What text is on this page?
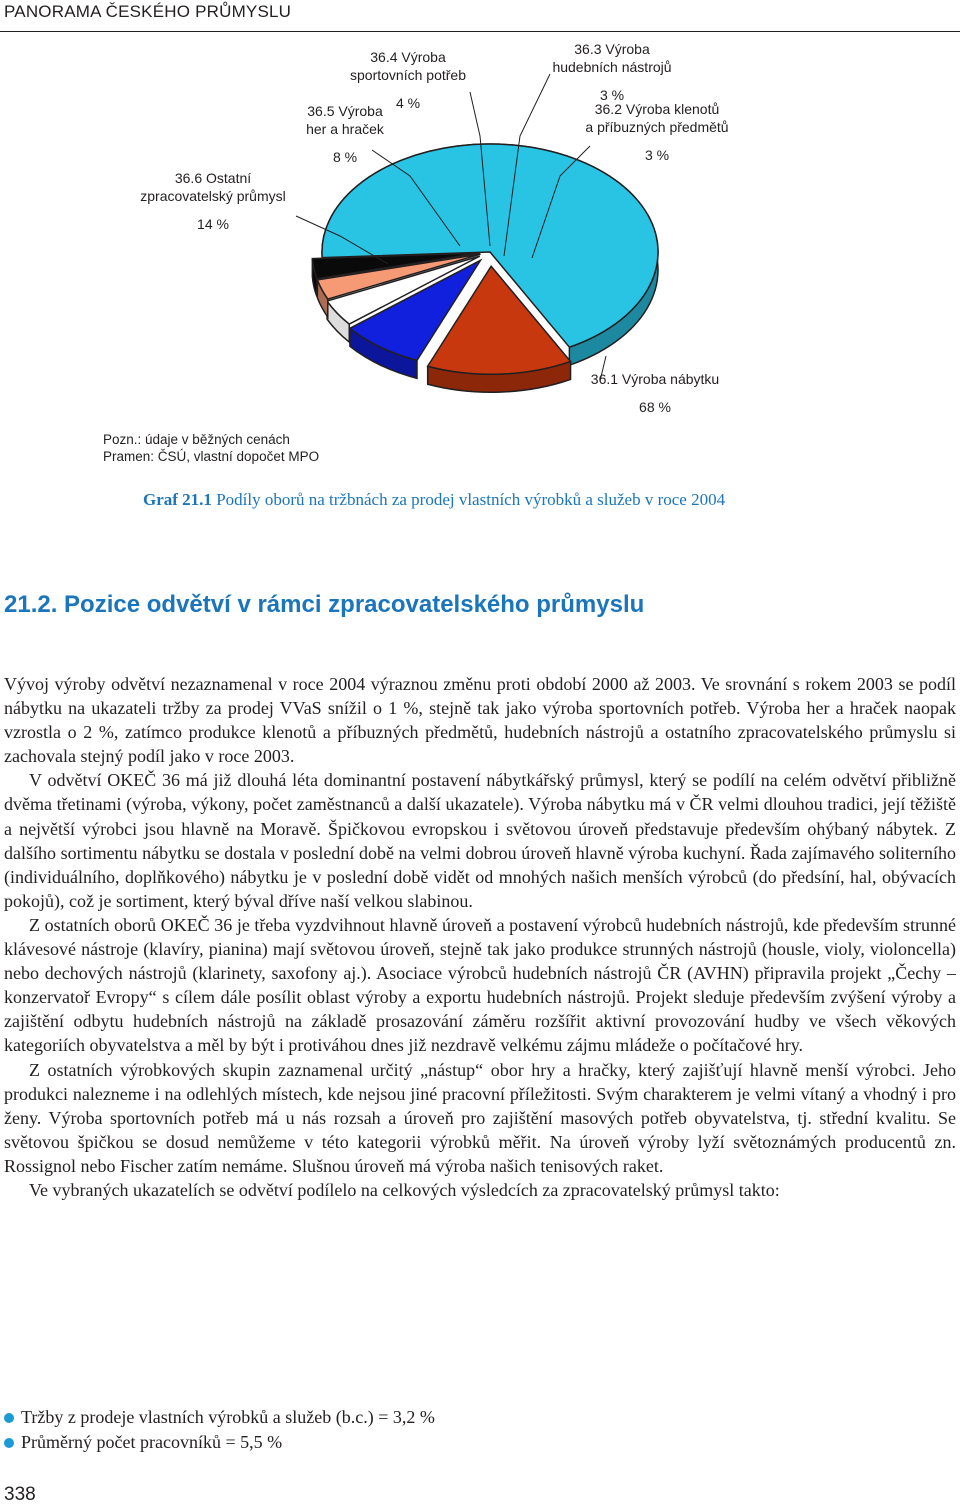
PANORAMA ČESKÉHO PRŮMYSLU
36.1 Výroba nábytku
68 %
36.6 Ostatní
zpracovatelský průmysl
14 %
36.5 Výroba
her a hraček
8 %
36.4 Výroba
sportovních potřeb
4 %
36.3 Výroba
hudebních nástrojů
3 %
36.2 Výroba klenotů
a příbuzných předmětů
3 %
Pozn.: údaje v běžných cenách
Pramen: ČSÚ, vlastní dopočet MPO
Graf 21.1 Podíly oborů na tržbnách za prodej vlastních výrobků a služeb v roce 2004
21.2. Pozice odvětví v rámci zpracovatelského průmyslu

Vývoj výroby odvětví nezaznamenal v roce 2004 výraznou změnu proti období 2000 až 2003. Ve srovnání s rokem 2003 se podíl nábytku na ukazateli tržby za prodej VVaS snížil o 1 %, stejně tak jako výroba sportovních potřeb. Výroba her a hraček naopak vzrostla o 2 %, zatímco produkce klenotů a příbuzných předmětů, hudebních nástrojů a ostatního zpracovatelského průmyslu si zachovala stejný podíl jako v roce 2003.

V odvětví OKEČ 36 má již dlouhá léta dominantní postavení nábytkářský průmysl, který se podílí na celém odvětví přibližně dvěma třetinami (výroba, výkony, počet zaměstnanců a další ukazatele). Výroba nábytku má v ČR velmi dlouhou tradici, její těžiště a největší výrobci jsou hlavně na Moravě. Špičkovou evropskou i světovou úroveň představuje především ohýbaný nábytek. Z dalšího sortimentu nábytku se dostala v poslední době na velmi dobrou úroveň hlavně výroba kuchyní. Řada zajímavého soliterního (individuálního, doplňkového) nábytku je v poslední době vidět od mnohých našich menších výrobců (do předsíní, hal, obývacích pokojů), což je sortiment, který býval dříve naší velkou slabinou.

Z ostatních oborů OKEČ 36 je třeba vyzdvihnout hlavně úroveň a postavení výrobců hudebních nástrojů, kde především strunné klávesové nástroje (klavíry, pianina) mají světovou úroveň, stejně tak jako produkce strunných nástrojů (housle, violy, violoncella) nebo dechových nástrojů (klarinety, saxofony aj.). Asociace výrobců hudebních nástrojů ČR (AVHN) připravila projekt „Čechy – konzervatoř Evropy“ s cílem dále posílit oblast výroby a exportu hudebních nástrojů. Projekt sleduje především zvýšení výroby a zajištění odbytu hudebních nástrojů na základě prosazování záměru rozšířit aktivní provozování hudby ve všech věkových kategoriích obyvatelstva a měl by být i protiváhou dnes již nezdravě velkému zájmu mládeže o počítačové hry.

Z ostatních výrobkových skupin zaznamenal určitý „nástup“ obor hry a hračky, který zajišťují hlavně menší výrobci. Jeho produkci nalezneme i na odlehlých místech, kde nejsou jiné pracovní příležitosti. Svým charakterem je velmi vítaný a vhodný i pro ženy. Výroba sportovních potřeb má u nás rozsah a úroveň pro zajištění masových potřeb obyvatelstva, tj. střední kvalitu. Se světovou špičkou se dosud nemůžeme v této kategorii výrobků měřit. Na úroveň výroby lyží světoznámých producentů zn. Rossignol nebo Fischer zatím nemáme. Slušnou úroveň má výroba našich tenisových raket.

Ve vybraných ukazatelích se odvětví podílelo na celkových výsledcích za zpracovatelský průmysl takto:

Tržby z prodeje vlastních výrobků a služeb (b.c.) = 3,2 %
Průměrný počet pracovníků = 5,5 %
338
